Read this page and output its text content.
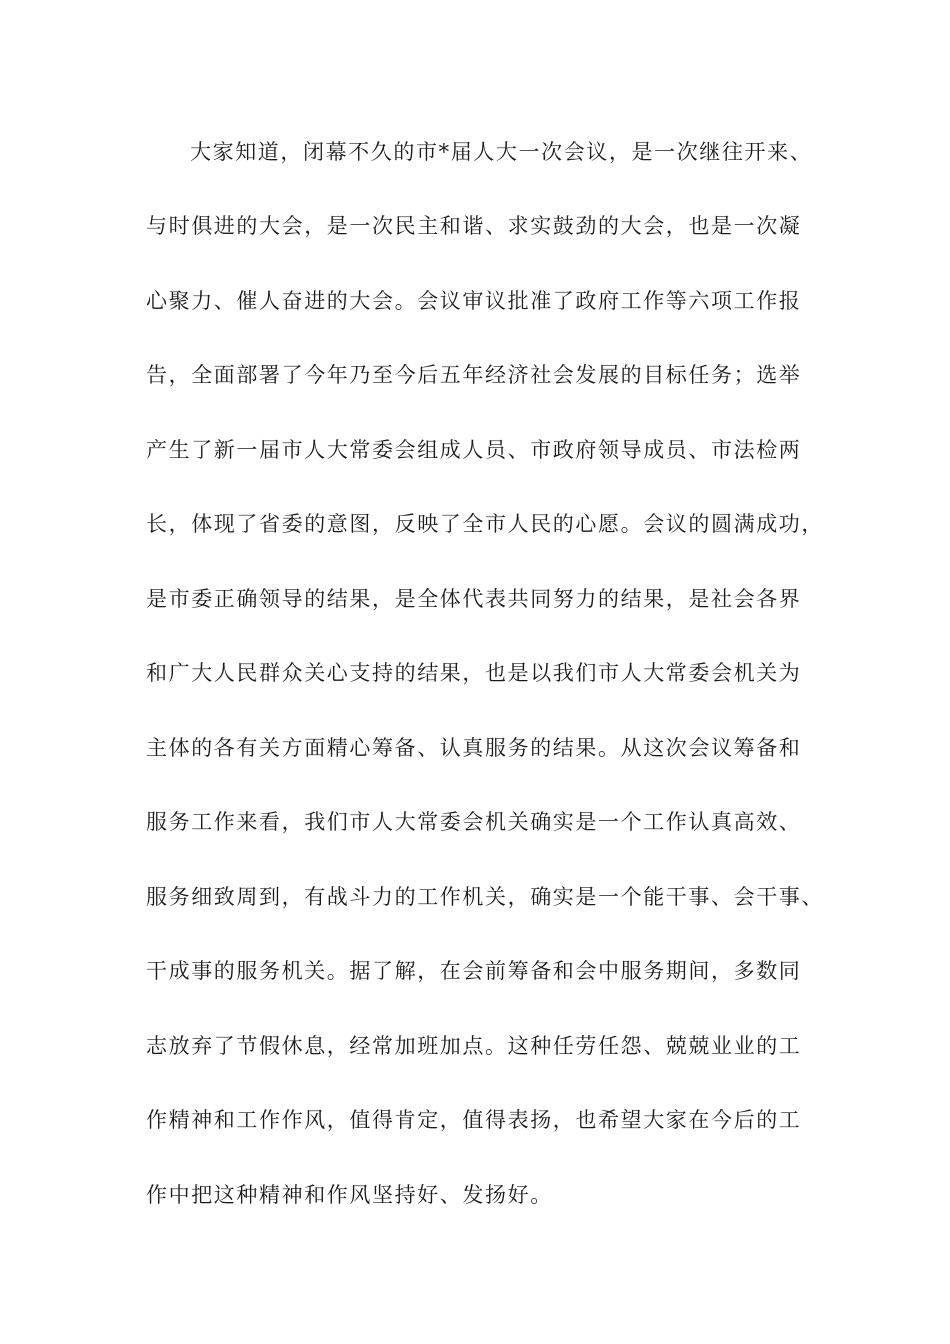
大家知道，闭幕不久的市*届人大一次会议，是一次继往开来、
与时俱进的大会，是一次民主和谐、求实鼓劲的大会，也是一次凝
心聚力、催人奋进的大会。会议审议批准了政府工作等六项工作报
告，全面部署了今年乃至今后五年经济社会发展的目标任务；选举
产生了新一届市人大常委会组成人员、市政府领导成员、市法检两
长，体现了省委的意图，反映了全市人民的心愿。会议的圆满成功，
是市委正确领导的结果，是全体代表共同努力的结果，是社会各界
和广大人民群众关心支持的结果，也是以我们市人大常委会机关为
主体的各有关方面精心筹备、认真服务的结果。从这次会议筹备和
服务工作来看，我们市人大常委会机关确实是一个工作认真高效、
服务细致周到，有战斗力的工作机关，确实是一个能干事、会干事、
干成事的服务机关。据了解，在会前筹备和会中服务期间，多数同
志放弃了节假休息，经常加班加点。这种任劳任怨、兢兢业业的工
作精神和工作作风，值得肯定，值得表扬，也希望大家在今后的工
作中把这种精神和作风坚持好、发扬好。
